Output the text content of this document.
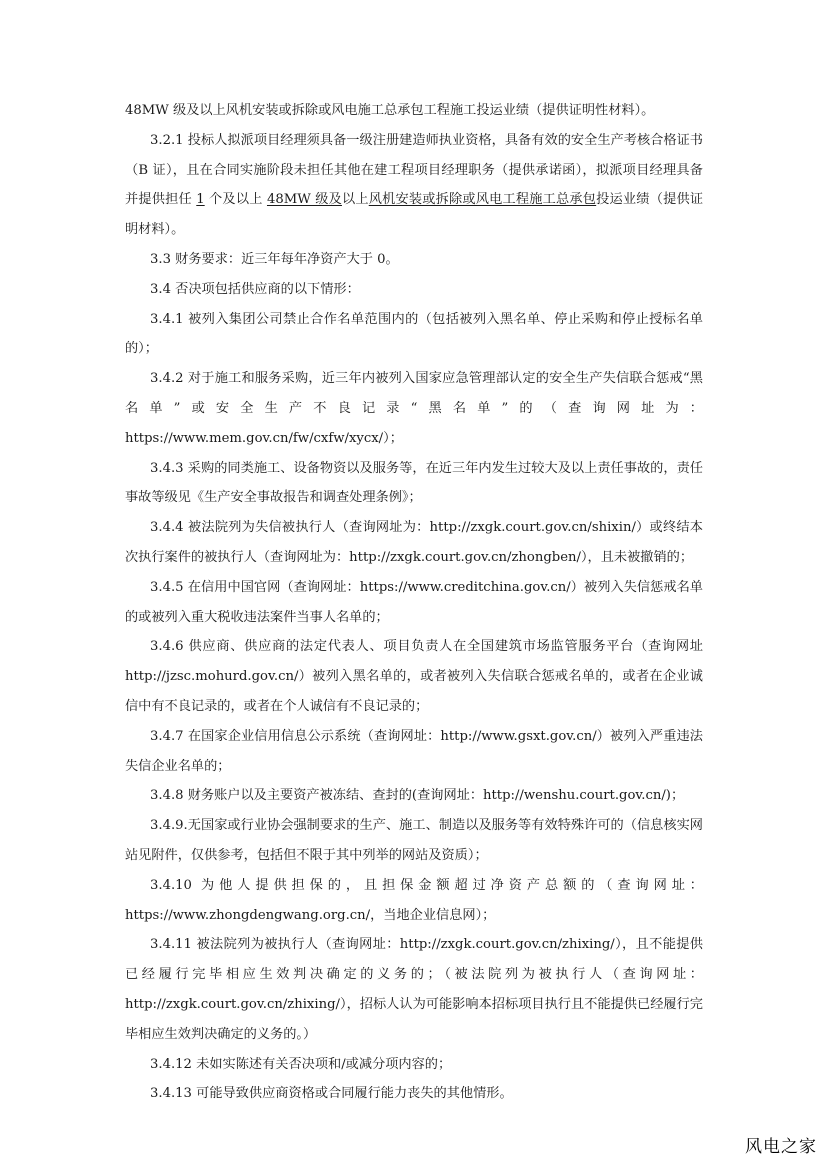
48MW 级及以上风机安装或拆除或风电施工总承包工程施工投运业绩（提供证明性材料）。

3.2.1 投标人拟派项目经理须具备一级注册建造师执业资格，具备有效的安全生产考核合格证书（B 证），且在合同实施阶段未担任其他在建工程项目经理职务（提供承诺函），拟派项目经理具备并提供担任 1 个及以上 48MW 级及以上风机安装或拆除或风电工程施工总承包投运业绩（提供证明材料）。

3.3 财务要求：近三年每年净资产大于 0。

3.4 否决项包括供应商的以下情形：

3.4.1 被列入集团公司禁止合作名单范围内的（包括被列入黑名单、停止采购和停止授标名单的）；

3.4.2 对于施工和服务采购，近三年内被列入国家应急管理部认定的安全生产失信联合惩戒“黑名单”或安全生产不良记录“黑名单”的（查询网址为：https://www.mem.gov.cn/fw/cxfw/xycx/）；

3.4.3 采购的同类施工、设备物资以及服务等，在近三年内发生过较大及以上责任事故的，责任事故等级见《生产安全事故报告和调查处理条例》；

3.4.4 被法院列为失信被执行人（查询网址为：http://zxgk.court.gov.cn/shixin/）或终结本次执行案件的被执行人（查询网址为：http://zxgk.court.gov.cn/zhongben/），且未被撤销的；

3.4.5 在信用中国官网（查询网址：https://www.creditchina.gov.cn/）被列入失信惩戒名单的或被列入重大税收违法案件当事人名单的；

3.4.6 供应商、供应商的法定代表人、项目负责人在全国建筑市场监管服务平台（查询网址 http://jzsc.mohurd.gov.cn/）被列入黑名单的，或者被列入失信联合惩戒名单的，或者在企业诚信中有不良记录的，或者在个人诚信有不良记录的；

3.4.7 在国家企业信用信息公示系统（查询网址：http://www.gsxt.gov.cn/）被列入严重违法失信企业名单的；

3.4.8 财务账户以及主要资产被冻结、查封的(查询网址：http://wenshu.court.gov.cn/)；

3.4.9.无国家或行业协会强制要求的生产、施工、制造以及服务等有效特殊许可的（信息核实网站见附件，仅供参考，包括但不限于其中列举的网站及资质）；

3.4.10 为他人提供担保的，且担保金额超过净资产总额的（查询网址：https://www.zhongdengwang.org.cn/，当地企业信息网）；

3.4.11 被法院列为被执行人（查询网址：http://zxgk.court.gov.cn/zhixing/），且不能提供已经履行完毕相应生效判决确定的义务的；（被法院列为被执行人（查询网址：http://zxgk.court.gov.cn/zhixing/），招标人认为可能影响本招标项目执行且不能提供已经履行完毕相应生效判决确定的义务的。）

3.4.12 未如实陈述有关否决项和/或减分项内容的；

3.4.13 可能导致供应商资格或合同履行能力丧失的其他情形。

风电之家
